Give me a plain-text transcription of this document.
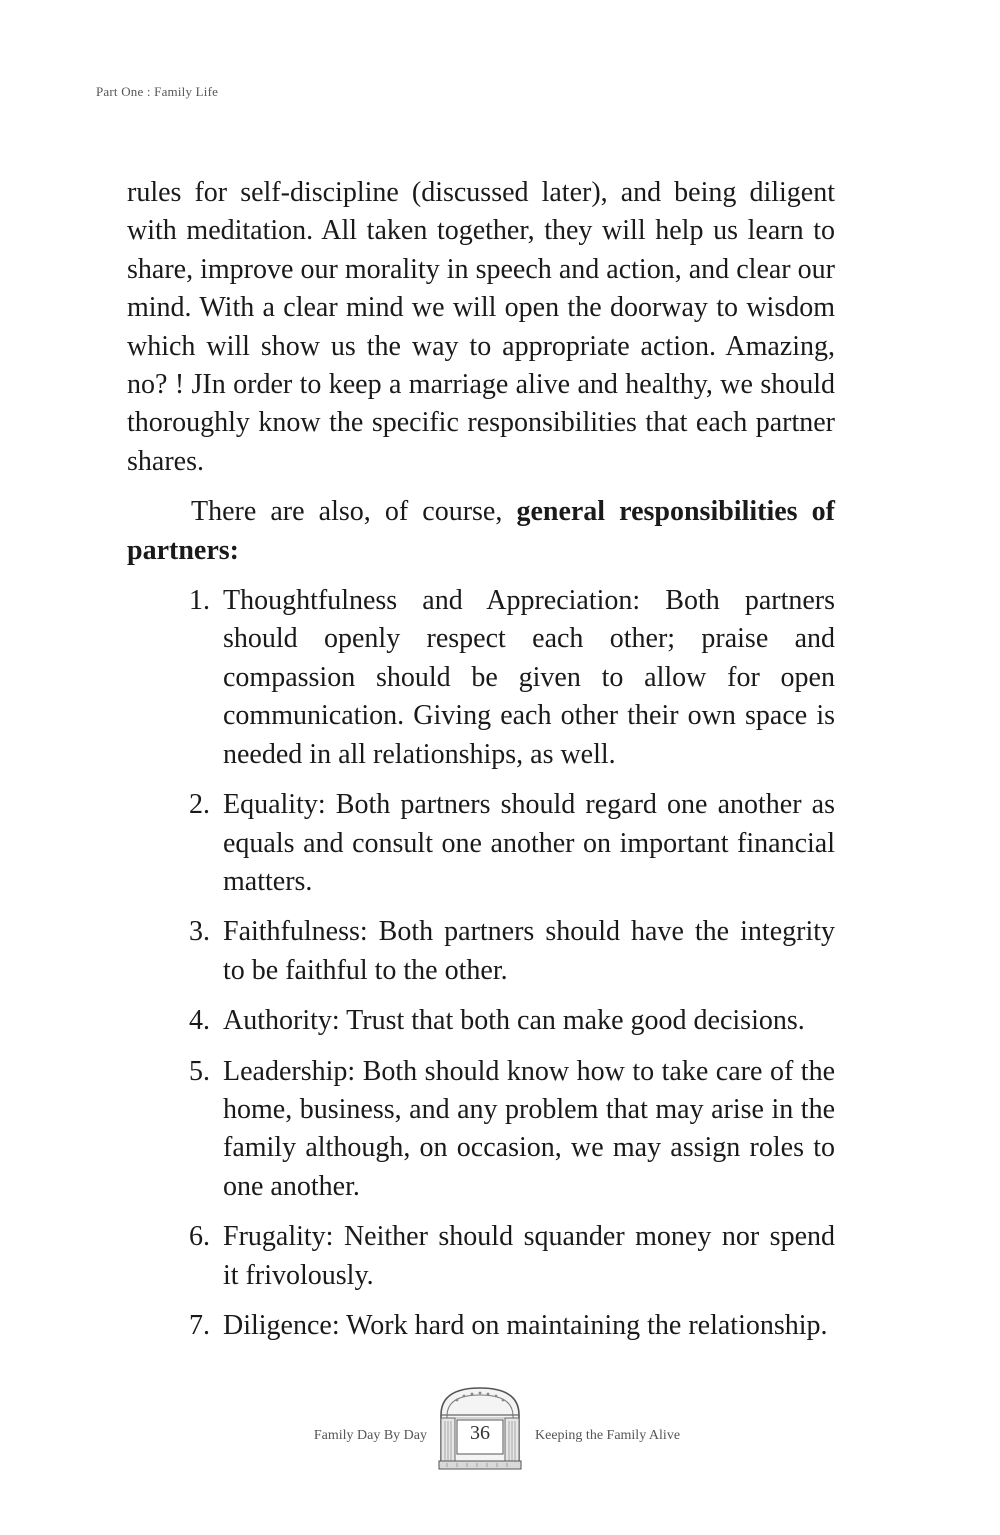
Part One : Family Life

rules for self-discipline (discussed later), and being diligent with meditation. All taken together, they will help us learn to share, improve our morality in speech and action, and clear our mind. With a clear mind we will open the doorway to wisdom which will show us the way to appropriate action. Amazing, no? ! JIn order to keep a marriage alive and healthy, we should thoroughly know the specific responsibilities that each partner shares.

There are also, of course, general responsibilities of partners:

1. Thoughtfulness and Appreciation: Both partners should openly respect each other; praise and compassion should be given to allow for open communication. Giving each other their own space is needed in all relationships, as well.
2. Equality: Both partners should regard one another as equals and consult one another on important financial matters.
3. Faithfulness: Both partners should have the integrity to be faithful to the other.
4. Authority: Trust that both can make good decisions.
5. Leadership: Both should know how to take care of the home, business, and any problem that may arise in the family although, on occasion, we may assign roles to one another.
6. Frugality: Neither should squander money nor spend it frivolously.
7. Diligence: Work hard on maintaining the relationship.
Family Day By Day	36	Keeping the Family Alive
